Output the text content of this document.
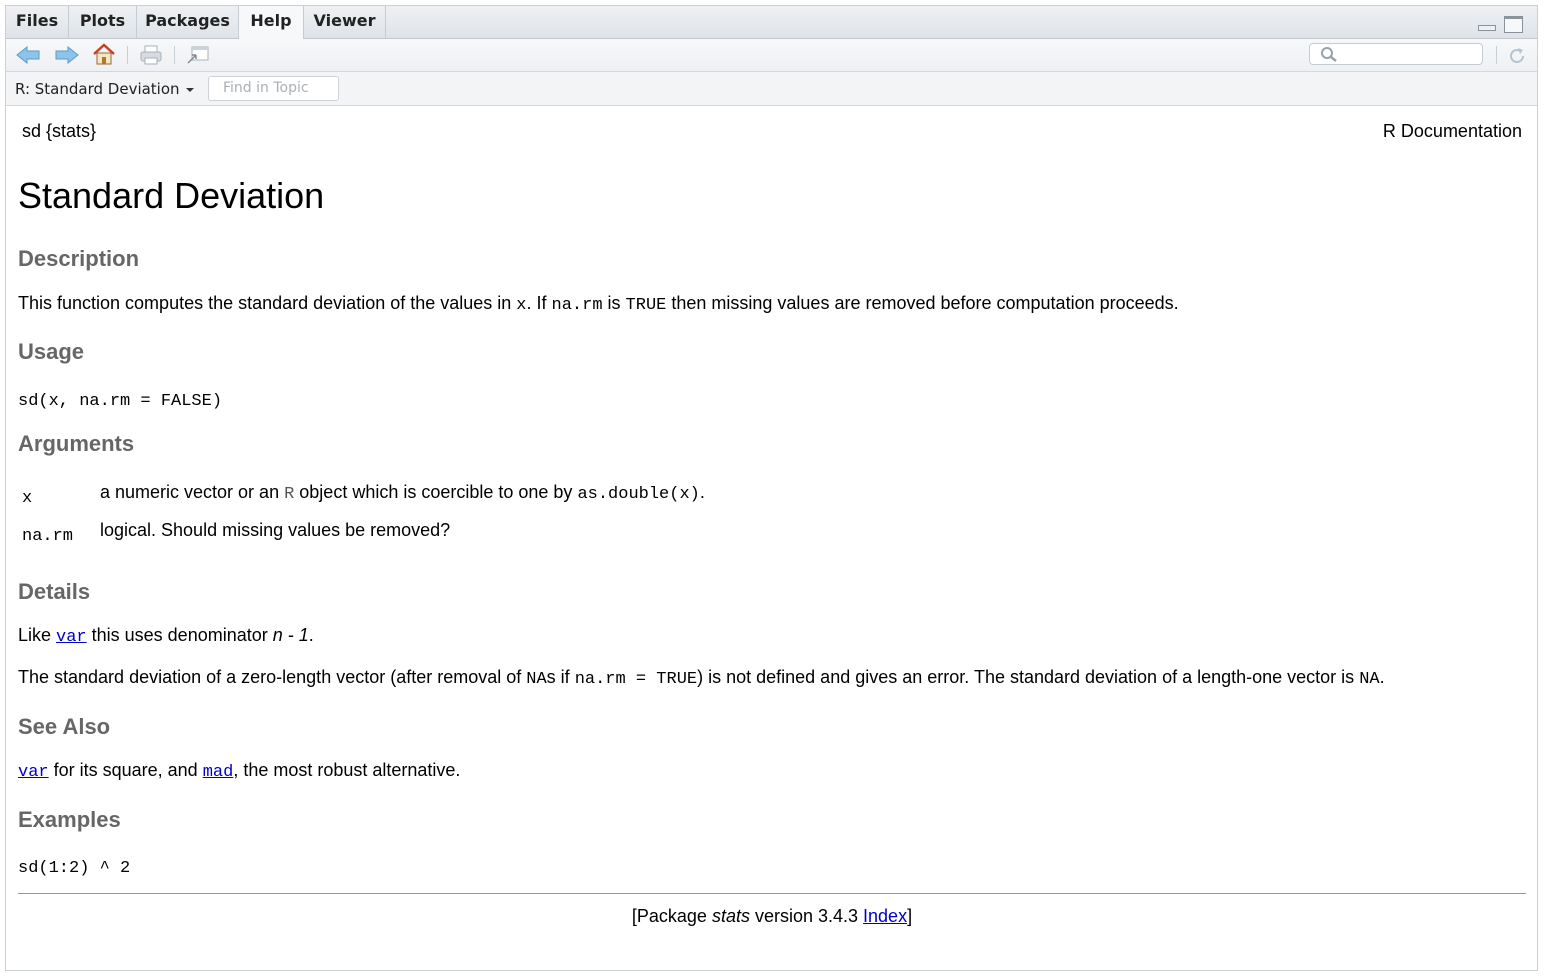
Files	Plots	Packages	Help	Viewer
R: Standard Deviation	Find in Topic
sd {stats}	R Documentation
Standard Deviation
Description
This function computes the standard deviation of the values in x. If na.rm is TRUE then missing values are removed before computation proceeds.
Usage
sd(x, na.rm = FALSE)
Arguments
x	a numeric vector or an R object which is coercible to one by as.double(x).
na.rm logical. Should missing values be removed?
Details
Like var this uses denominator n - 1.
The standard deviation of a zero-length vector (after removal of NAs if na.rm = TRUE) is not defined and gives an error. The standard deviation of a length-one vector is NA.
See Also
var for its square, and mad, the most robust alternative.
Examples
sd(1:2) ^ 2
[Package stats version 3.4.3 Index]
